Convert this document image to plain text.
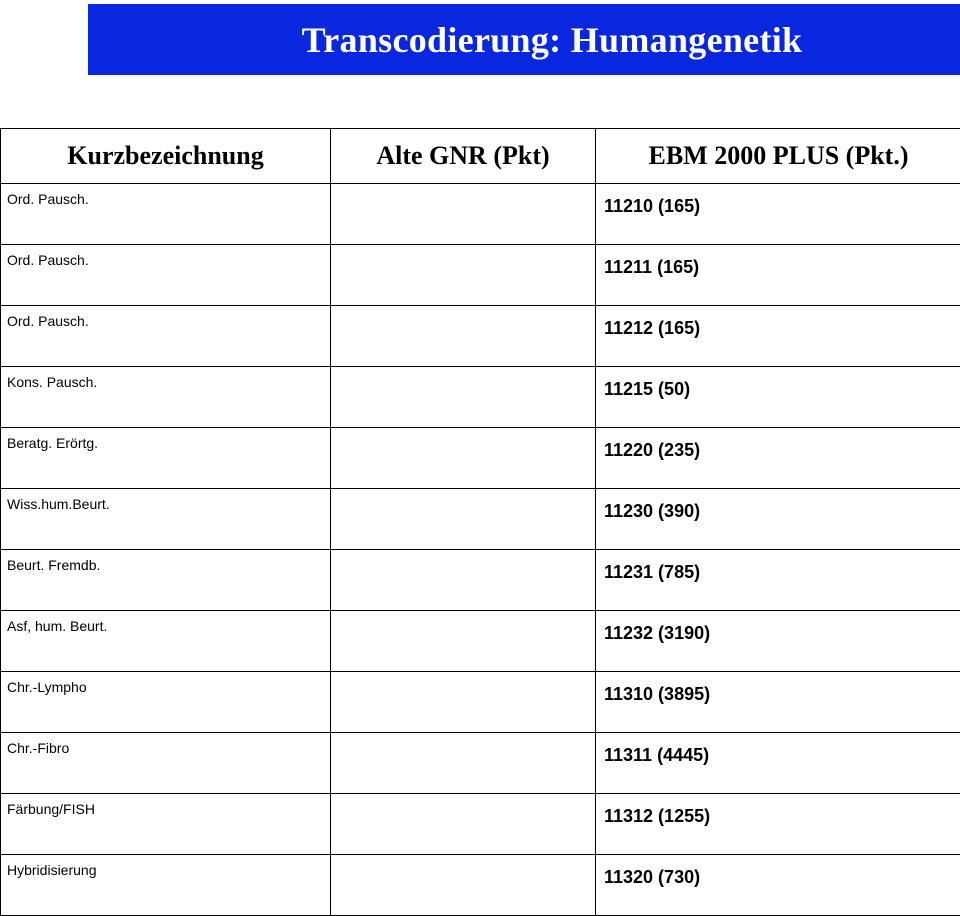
Transcodierung: Humangenetik
Kurzbezeichnung	Alte GNR (Pkt)	EBM 2000 PLUS (Pkt.)
Ord. Pausch.		11210 (165)
Ord. Pausch.		11211 (165)
Ord. Pausch.		11212 (165)
Kons. Pausch.		11215 (50)
Beratg. Erörtg.		11220 (235)
Wiss.hum.Beurt.		11230 (390)
Beurt. Fremdb.		11231 (785)
Asf, hum. Beurt.		11232 (3190)
Chr.-Lympho		11310 (3895)
Chr.-Fibro		11311 (4445)
Färbung/FISH		11312 (1255)
Hybridisierung		11320 (730)
